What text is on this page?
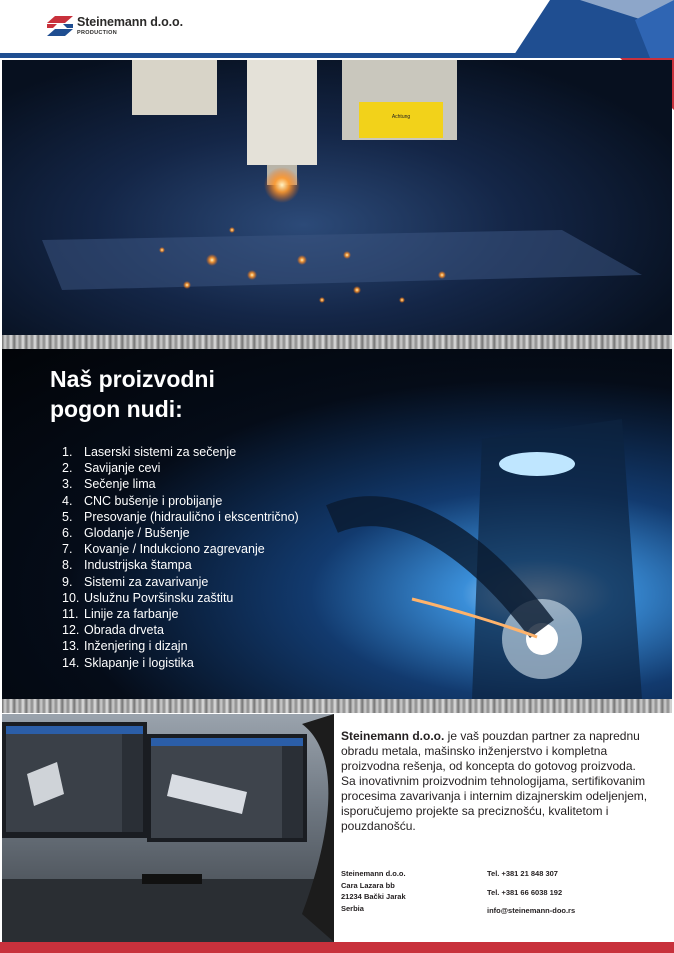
Steinemann d.o.o.
PRODUCTION
Achtung
Naš proizvodni
pogon nudi:
1. Laserski sistemi za sečenje
2. Savijanje cevi
3. Sečenje lima
4. CNC bušenje i probijanje
5. Presovanje (hidraulično i ekscentrično)
6. Glodanje / Bušenje
7. Kovanje / Indukciono zagrevanje
8. Industrijska štampa
9. Sistemi za zavarivanje
10. Uslužnu Površinsku zaštitu
11. Linije za farbanje
12. Obrada drveta
13. Inženjering i dizajn
14. Sklapanje i logistika
Steinemann d.o.o. je vaš pouzdan partner za naprednu obradu metala, mašinsko inženjerstvo i kompletna proizvodna rešenja, od koncepta do gotovog proizvoda.
Sa inovativnim proizvodnim tehnologijama, sertifikovanim procesima zavarivanja i internim dizajnerskim odeljenjem, isporučujemo projekte sa preciznošću, kvalitetom i pouzdanošću.
Steinemann d.o.o.
Cara Lazara bb
21234 Bački Jarak
Serbia
Tel. +381 21 848 307
Tel. +381 66 6038 192
info@steinemann-doo.rs
